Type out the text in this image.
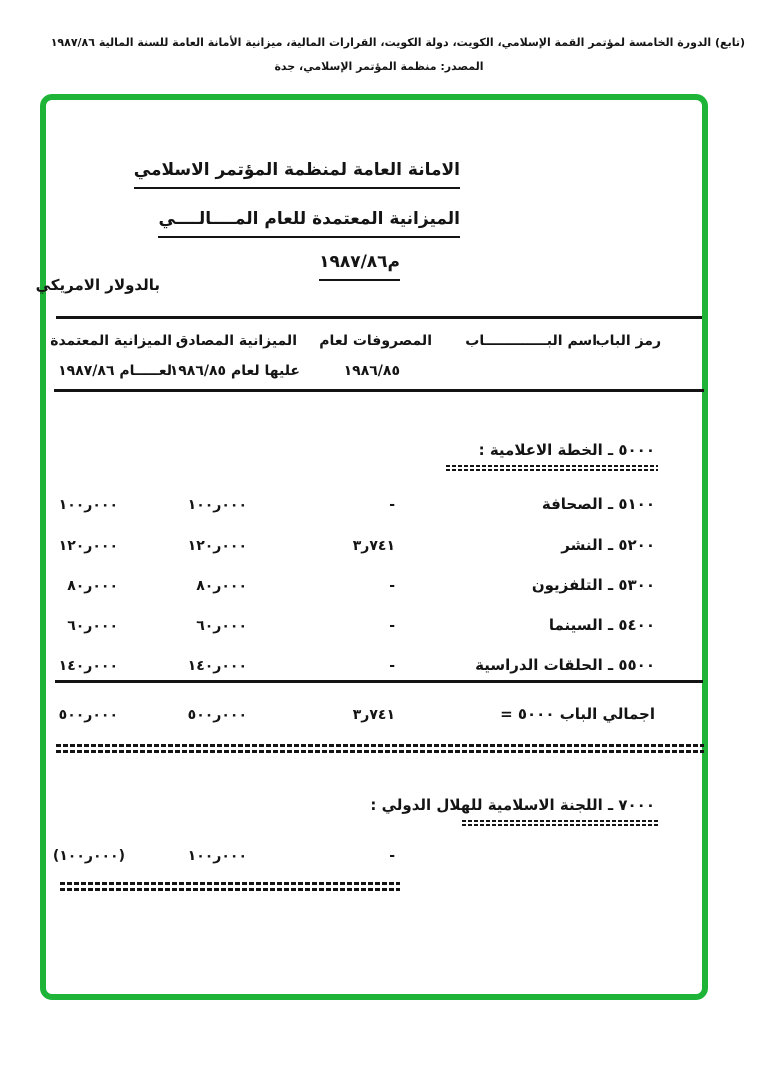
(تابع) الدورة الخامسة لمؤتمر القمة الإسلامي، الكويت، دولة الكويت، القرارات المالية، ميزانية الأمانة العامة للسنة المالية ١٩٨٧/٨٦
المصدر: منظمة المؤتمر الإسلامي، جدة
الامانة العامة لمنظمة المؤتمر الاسلامي
الميزانية المعتمدة للعام المــــالــــي
١٩٨٧/٨٦م
بالدولار الامريكي
رمز الباب
اسم البـــــــــــــاب
المصروفات لعام
١٩٨٦/٨٥
الميزانية المصادق
عليها لعام ١٩٨٦/٨٥
الميزانية المعتمدة
لعـــــام ١٩٨٧/٨٦
٥٠٠٠ ـ الخطة الاعلامية :
٥١٠٠ ـ الصحافة
-
١٠٠ر٠٠٠
١٠٠ر٠٠٠
٥٢٠٠ ـ النشر
٣ر٧٤١
١٢٠ر٠٠٠
١٢٠ر٠٠٠
٥٣٠٠ ـ التلفزيون
-
٨٠ر٠٠٠
٨٠ر٠٠٠
٥٤٠٠ ـ السينما
-
٦٠ر٠٠٠
٦٠ر٠٠٠
٥٥٠٠ ـ الحلقات الدراسية
-
١٤٠ر٠٠٠
١٤٠ر٠٠٠
اجمالي الباب ٥٠٠٠ =
٣ر٧٤١
٥٠٠ر٠٠٠
٥٠٠ر٠٠٠
٧٠٠٠ ـ اللجنة الاسلامية للهلال الدولي :
-
١٠٠ر٠٠٠
(١٠٠ر٠٠٠)
